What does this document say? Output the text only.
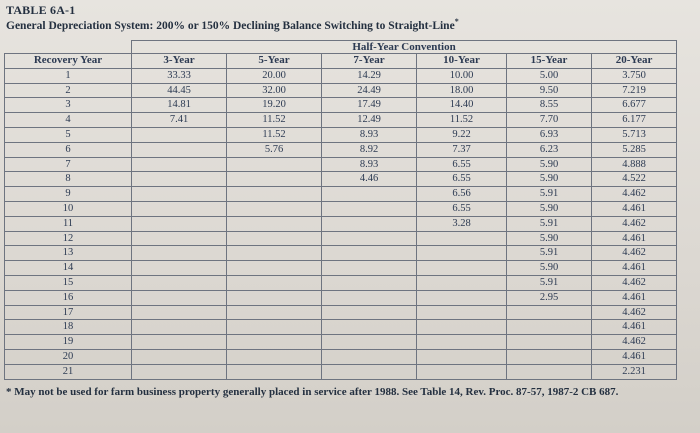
TABLE 6A-1
General Depreciation System: 200% or 150% Declining Balance Switching to Straight-Line*
	Half-Year Convention					
Recovery Year	3-Year	5-Year	7-Year	10-Year	15-Year	20-Year
1	33.33	20.00	14.29	10.00	5.00	3.750
2	44.45	32.00	24.49	18.00	9.50	7.219
3	14.81	19.20	17.49	14.40	8.55	6.677
4	7.41	11.52	12.49	11.52	7.70	6.177
5		11.52	8.93	9.22	6.93	5.713
6		5.76	8.92	7.37	6.23	5.285
7			8.93	6.55	5.90	4.888
8			4.46	6.55	5.90	4.522
9				6.56	5.91	4.462
10				6.55	5.90	4.461
11				3.28	5.91	4.462
12					5.90	4.461
13					5.91	4.462
14					5.90	4.461
15					5.91	4.462
16					2.95	4.461
17						4.462
18						4.461
19						4.462
20						4.461
21						2.231
* May not be used for farm business property generally placed in service after 1988. See Table 14, Rev. Proc. 87-57, 1987-2 CB 687.
